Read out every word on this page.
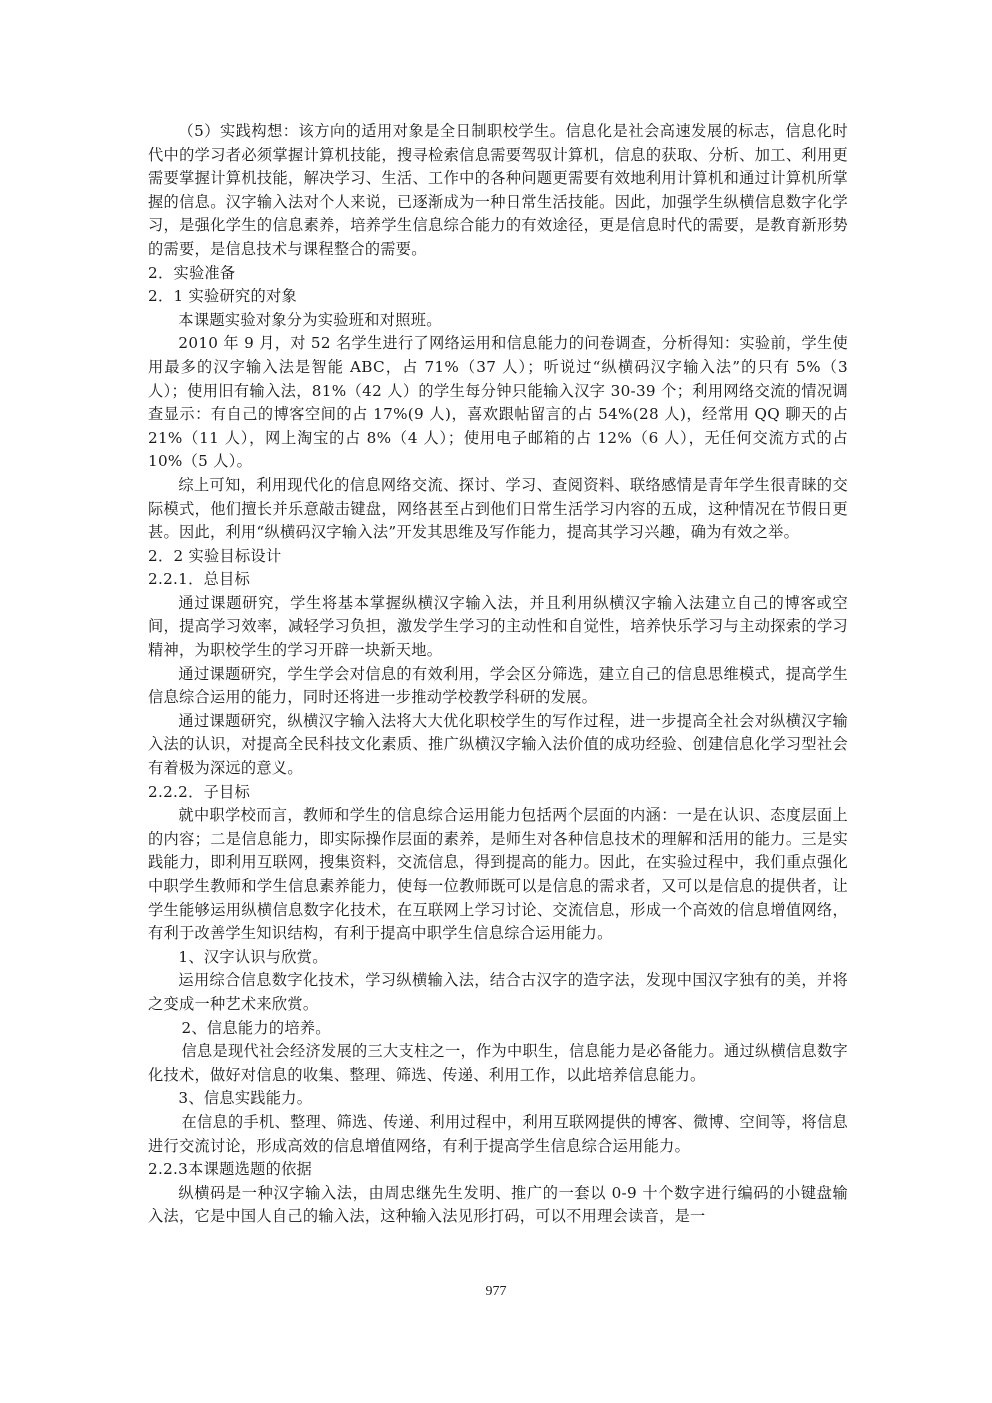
（5）实践构想：该方向的适用对象是全日制职校学生。信息化是社会高速发展的标志，信息化时代中的学习者必须掌握计算机技能，搜寻检索信息需要驾驭计算机，信息的获取、分析、加工、利用更需要掌握计算机技能，解决学习、生活、工作中的各种问题更需要有效地利用计算机和通过计算机所掌握的信息。汉字输入法对个人来说，已逐渐成为一种日常生活技能。因此，加强学生纵横信息数字化学习，是强化学生的信息素养，培养学生信息综合能力的有效途径，更是信息时代的需要，是教育新形势的需要，是信息技术与课程整合的需要。

2．实验准备

2．1 实验研究的对象

本课题实验对象分为实验班和对照班。

2010 年 9 月，对 52 名学生进行了网络运用和信息能力的问卷调查，分析得知：实验前，学生使用最多的汉字输入法是智能 ABC，占 71%（37 人）；听说过“纵横码汉字输入法”的只有 5%（3 人）；使用旧有输入法，81%（42 人）的学生每分钟只能输入汉字 30-39 个；利用网络交流的情况调查显示：有自己的博客空间的占 17%(9 人)，喜欢跟帖留言的占 54%(28 人)，经常用 QQ 聊天的占 21%（11 人），网上淘宝的占 8%（4 人）；使用电子邮箱的占 12%（6 人），无任何交流方式的占 10%（5 人）。

综上可知，利用现代化的信息网络交流、探讨、学习、查阅资料、联络感情是青年学生很青睐的交际模式，他们擅长并乐意敲击键盘，网络甚至占到他们日常生活学习内容的五成，这种情况在节假日更甚。因此，利用“纵横码汉字输入法”开发其思维及写作能力，提高其学习兴趣，确为有效之举。

2．2 实验目标设计

2.2.1．总目标

通过课题研究，学生将基本掌握纵横汉字输入法，并且利用纵横汉字输入法建立自己的博客或空间，提高学习效率，减轻学习负担，激发学生学习的主动性和自觉性，培养快乐学习与主动探索的学习精神，为职校学生的学习开辟一块新天地。

通过课题研究，学生学会对信息的有效利用，学会区分筛选，建立自己的信息思维模式，提高学生信息综合运用的能力，同时还将进一步推动学校教学科研的发展。

通过课题研究，纵横汉字输入法将大大优化职校学生的写作过程，进一步提高全社会对纵横汉字输入法的认识，对提高全民科技文化素质、推广纵横汉字输入法价值的成功经验、创建信息化学习型社会有着极为深远的意义。

2.2.2．子目标

就中职学校而言，教师和学生的信息综合运用能力包括两个层面的内涵：一是在认识、态度层面上的内容；二是信息能力，即实际操作层面的素养，是师生对各种信息技术的理解和活用的能力。三是实践能力，即利用互联网，搜集资料，交流信息，得到提高的能力。因此，在实验过程中，我们重点强化中职学生教师和学生信息素养能力，使每一位教师既可以是信息的需求者，又可以是信息的提供者，让学生能够运用纵横信息数字化技术，在互联网上学习讨论、交流信息，形成一个高效的信息增值网络，有利于改善学生知识结构，有利于提高中职学生信息综合运用能力。

1、汉字认识与欣赏。

运用综合信息数字化技术，学习纵横输入法，结合古汉字的造字法，发现中国汉字独有的美，并将之变成一种艺术来欣赏。

2、信息能力的培养。

信息是现代社会经济发展的三大支柱之一，作为中职生，信息能力是必备能力。通过纵横信息数字化技术，做好对信息的收集、整理、筛选、传递、利用工作，以此培养信息能力。

3、信息实践能力。

在信息的手机、整理、筛选、传递、利用过程中，利用互联网提供的博客、微博、空间等，将信息进行交流讨论，形成高效的信息增值网络，有利于提高学生信息综合运用能力。

2.2.3本课题选题的依据

纵横码是一种汉字输入法，由周忠继先生发明、推广的一套以 0-9 十个数字进行编码的小键盘输入法，它是中国人自己的输入法，这种输入法见形打码，可以不用理会读音，是一

977
